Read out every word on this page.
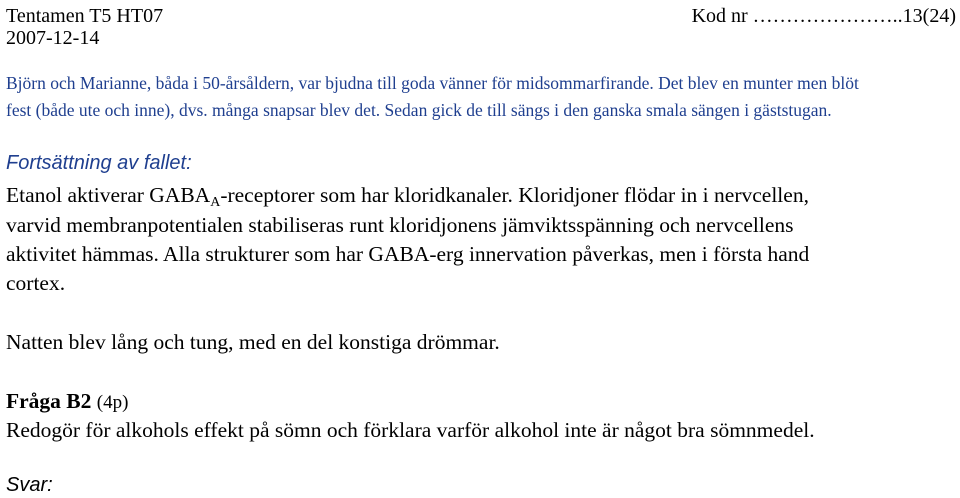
Tentamen T5 HT07
2007-12-14
Kod nr …………………..13(24)
Björn och Marianne, båda i 50-årsåldern, var bjudna till goda vänner för midsommarfirande. Det blev en munter men blöt
fest (både ute och inne), dvs. många snapsar blev det. Sedan gick de till sängs i den ganska smala sängen i gäststugan.
Fortsättning av fallet:
Etanol aktiverar $GABA_A$-receptorer som har kloridkanaler. Kloridjoner flödar in i nervcellen,
varvid membranpotentialen stabiliseras runt kloridjonens jämviktsspänning och nervcellens
aktivitet hämmas. Alla strukturer som har GABA-erg innervation påverkas, men i första hand
cortex.
Natten blev lång och tung, med en del konstiga drömmar.
Fråga B2 (4p)
Redogör för alkohols effekt på sömn och förklara varför alkohol inte är något bra sömnmedel.
Svar:
